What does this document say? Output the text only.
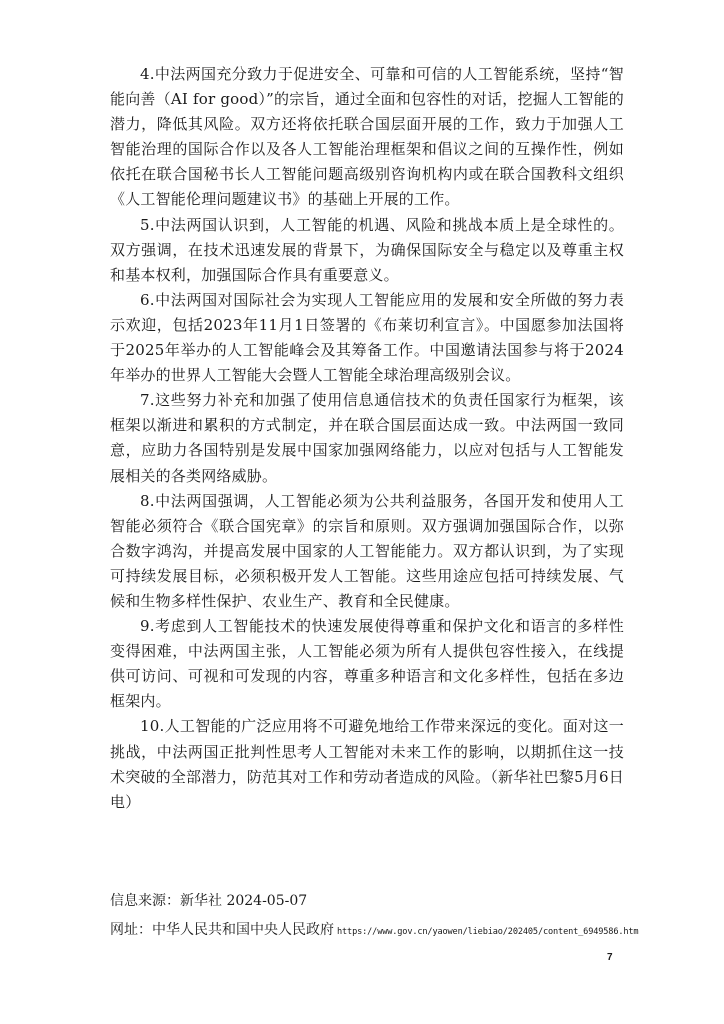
4.中法两国充分致力于促进安全、可靠和可信的人工智能系统，坚持“智能向善（AI for good）”的宗旨，通过全面和包容性的对话，挖掘人工智能的潜力，降低其风险。双方还将依托联合国层面开展的工作，致力于加强人工智能治理的国际合作以及各人工智能治理框架和倡议之间的互操作性，例如依托在联合国秘书长人工智能问题高级别咨询机构内或在联合国教科文组织《人工智能伦理问题建议书》的基础上开展的工作。

5.中法两国认识到，人工智能的机遇、风险和挑战本质上是全球性的。双方强调，在技术迅速发展的背景下，为确保国际安全与稳定以及尊重主权和基本权利，加强国际合作具有重要意义。

6.中法两国对国际社会为实现人工智能应用的发展和安全所做的努力表示欢迎，包括2023年11月1日签署的《布莱切利宣言》。中国愿参加法国将于2025年举办的人工智能峰会及其筹备工作。中国邀请法国参与将于2024年举办的世界人工智能大会暨人工智能全球治理高级别会议。

7.这些努力补充和加强了使用信息通信技术的负责任国家行为框架，该框架以渐进和累积的方式制定，并在联合国层面达成一致。中法两国一致同意，应助力各国特别是发展中国家加强网络能力，以应对包括与人工智能发展相关的各类网络威胁。

8.中法两国强调，人工智能必须为公共利益服务，各国开发和使用人工智能必须符合《联合国宪章》的宗旨和原则。双方强调加强国际合作，以弥合数字鸿沟，并提高发展中国家的人工智能能力。双方都认识到，为了实现可持续发展目标，必须积极开发人工智能。这些用途应包括可持续发展、气候和生物多样性保护、农业生产、教育和全民健康。

9.考虑到人工智能技术的快速发展使得尊重和保护文化和语言的多样性变得困难，中法两国主张，人工智能必须为所有人提供包容性接入，在线提供可访问、可视和可发现的内容，尊重多种语言和文化多样性，包括在多边框架内。

10.人工智能的广泛应用将不可避免地给工作带来深远的变化。面对这一挑战，中法两国正批判性思考人工智能对未来工作的影响，以期抓住这一技术突破的全部潜力，防范其对工作和劳动者造成的风险。（新华社巴黎5月6日电）

信息来源：新华社 2024-05-07
网址：中华人民共和国中央人民政府 https://www.gov.cn/yaowen/liebiao/202405/content_6949586.htm
7
